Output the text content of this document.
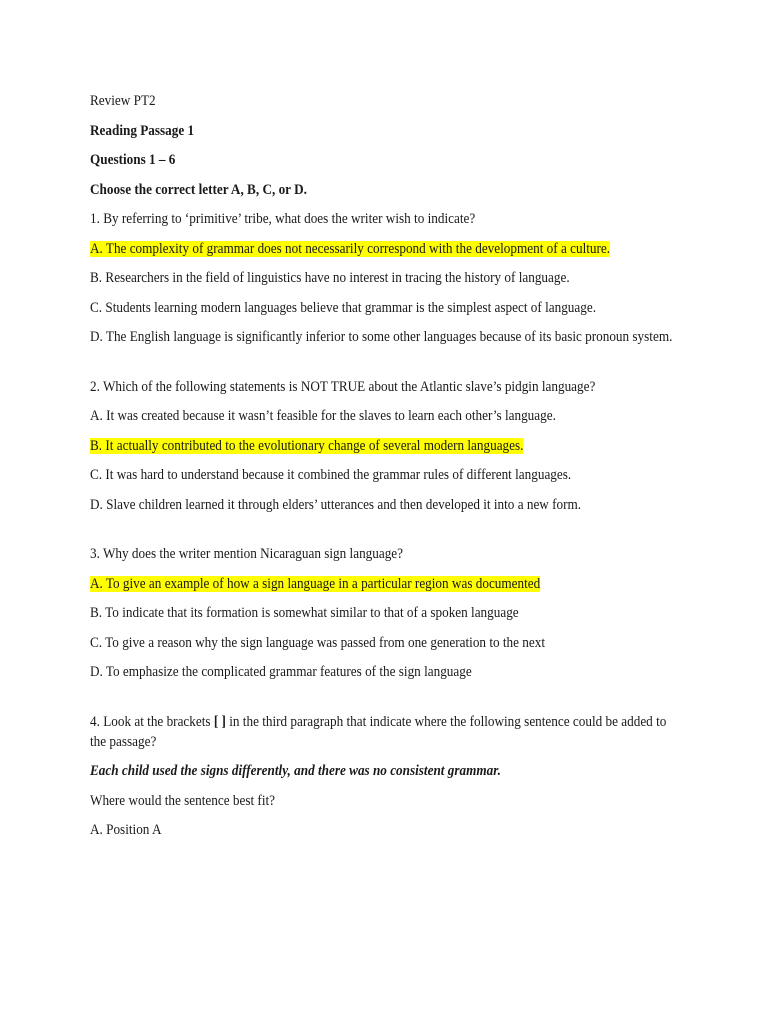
Review PT2

Reading Passage 1

Questions 1 – 6

Choose the correct letter A, B, C, or D.

1. By referring to ‘primitive’ tribe, what does the writer wish to indicate?

A. The complexity of grammar does not necessarily correspond with the development of a culture.

B. Researchers in the field of linguistics have no interest in tracing the history of language.

C. Students learning modern languages believe that grammar is the simplest aspect of language.

D. The English language is significantly inferior to some other languages because of its basic pronoun system.

2. Which of the following statements is NOT TRUE about the Atlantic slave’s pidgin language?

A. It was created because it wasn’t feasible for the slaves to learn each other’s language.

B. It actually contributed to the evolutionary change of several modern languages.

C. It was hard to understand because it combined the grammar rules of different languages.

D. Slave children learned it through elders’ utterances and then developed it into a new form.

3. Why does the writer mention Nicaraguan sign language?

A. To give an example of how a sign language in a particular region was documented

B. To indicate that its formation is somewhat similar to that of a spoken language

C. To give a reason why the sign language was passed from one generation to the next

D. To emphasize the complicated grammar features of the sign language

4. Look at the brackets [ ] in the third paragraph that indicate where the following sentence could be added to the passage?

Each child used the signs differently, and there was no consistent grammar.

Where would the sentence best fit?

A. Position A
